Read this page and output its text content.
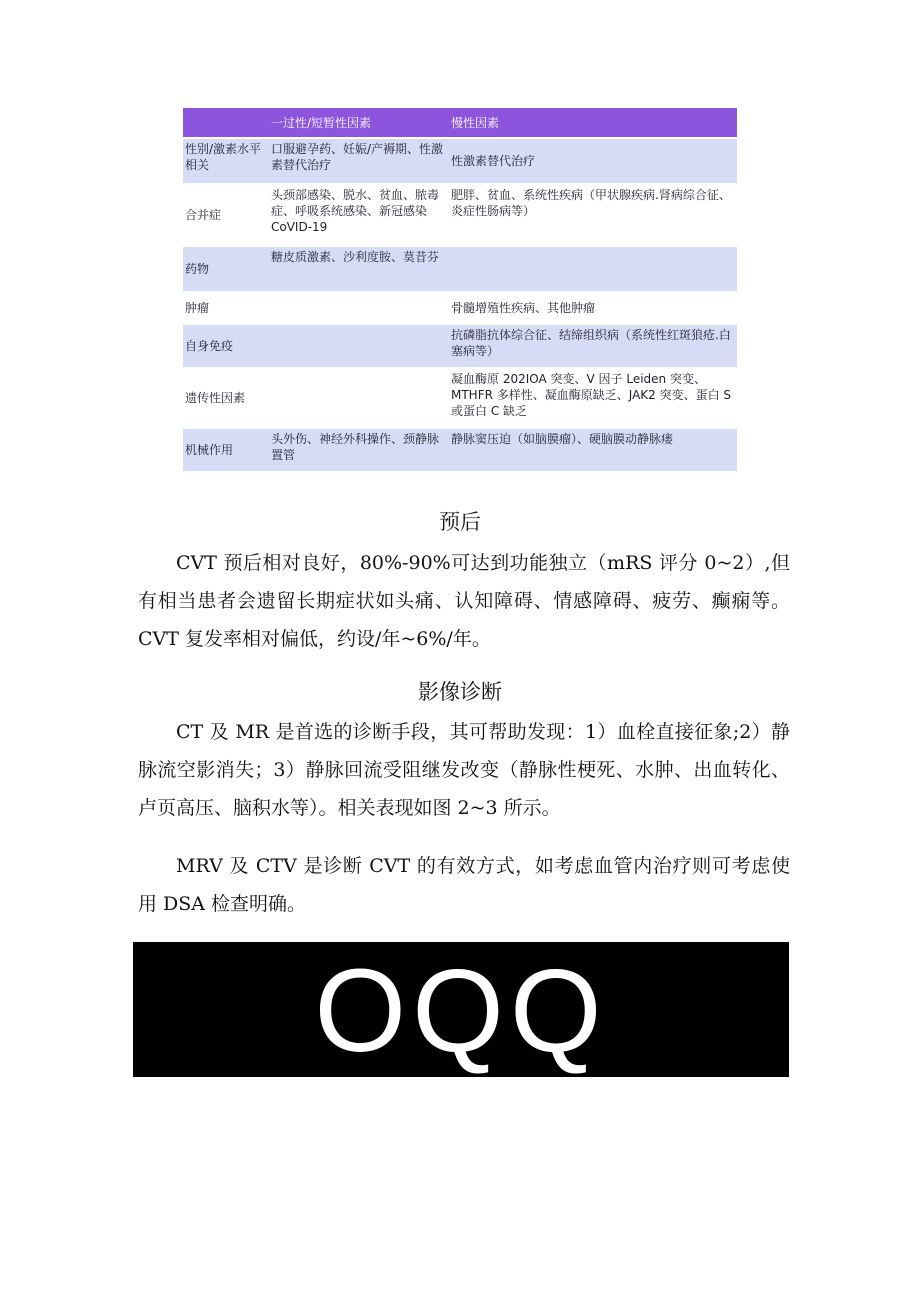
	一过性/短暂性因素	慢性因素
性别/激素水平相关	口服避孕药、妊娠/产褥期、性激素替代治疗	性激素替代治疗
合并症	头颈部感染、脱水、贫血、脓毒症、呼吸系统感染、新冠感染 CoVID-19	肥胖、贫血、系统性疾病（甲状腺疾病.肾病综合征、炎症性肠病等）
药物	糖皮质激素、沙利度胺、莫昔芬	
肿瘤		骨髓增殖性疾病、其他肿瘤
自身免疫		抗磷脂抗体综合征、结缔组织病（系统性红斑狼疮.白塞病等）
遗传性因素		凝血酶原 202IOA 突变、V 因子 Leiden 突变、MTHFR 多样性、凝血酶原缺乏、JAK2 突变、蛋白 S 或蛋白 C 缺乏
机械作用	头外伤、神经外科操作、颈静脉置管	静脉窦压迫（如脑膜瘤）、硬脑膜动静脉瘘
预后

CVT 预后相对良好，80%-90%可达到功能独立（mRS 评分 0~2）,但有相当患者会遗留长期症状如头痛、认知障碍、情感障碍、疲劳、癫痫等。CVT 复发率相对偏低，约设/年~6%/年。

影像诊断

CT 及 MR 是首选的诊断手段，其可帮助发现：1）血栓直接征象;2）静脉流空影消失；3）静脉回流受阻继发改变（静脉性梗死、水肿、出血转化、卢页高压、脑积水等）。相关表现如图 2~3 所示。

MRV 及 CTV 是诊断 CVT 的有效方式，如考虑血管内治疗则可考虑使用 DSA 检查明确。

OQQ
